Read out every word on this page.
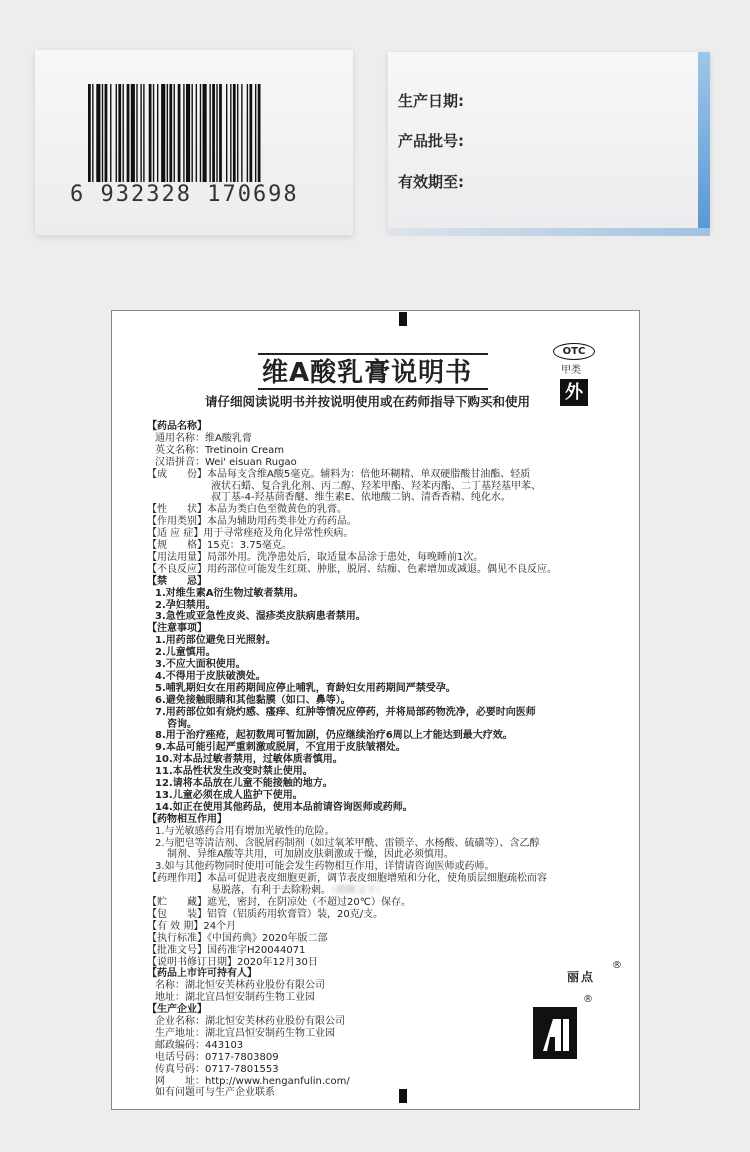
6 932328 170698
生产日期:
产品批号:
有效期至:
维A酸乳膏说明书
请仔细阅读说明书并按说明使用或在药师指导下购买和使用
OTC
甲类
外
【药品名称】
通用名称：维A酸乳膏
英文名称：Tretinoin Cream
汉语拼音：Wei' eisuan Rugao
【成　　份】本品每支含维A酸5毫克。辅料为：倍他环糊精、单双硬脂酸甘油酯、轻质
液状石蜡、复合乳化剂、丙二醇、羟苯甲酯、羟苯丙酯、二丁基羟基甲苯、
叔丁基-4-羟基茴香醚、维生素E、依地酸二钠、清香香精、纯化水。
【性　　状】本品为类白色至微黄色的乳膏。
【作用类别】本品为辅助用药类非处方药药品。
【适 应 症】用于寻常痤疮及角化异常性疾病。
【规　　格】15克：3.75毫克。
【用法用量】局部外用。洗净患处后，取适量本品涂于患处，每晚睡前1次。
【不良反应】用药部位可能发生红斑、肿胀，脱屑、结痂、色素增加或减退。偶见不良反应。
【禁　　忌】
1.对维生素A衍生物过敏者禁用。
2.孕妇禁用。
3.急性或亚急性皮炎、湿疹类皮肤病患者禁用。
【注意事项】
1.用药部位避免日光照射。
2.儿童慎用。
3.不应大面积使用。
4.不得用于皮肤破溃处。
5.哺乳期妇女在用药期间应停止哺乳，育龄妇女用药期间严禁受孕。
6.避免接触眼睛和其他黏膜（如口、鼻等）。
7.用药部位如有烧灼感、瘙痒、红肿等情况应停药，并将局部药物洗净，必要时向医师
咨询。
8.用于治疗痤疮，起初数周可暂加剧，仍应继续治疗6周以上才能达到最大疗效。
9.本品可能引起严重刺激或脱屑，不宜用于皮肤皱褶处。
10.对本品过敏者禁用，过敏体质者慎用。
11.本品性状发生改变时禁止使用。
12.请将本品放在儿童不能接触的地方。
13.儿童必须在成人监护下使用。
14.如正在使用其他药品，使用本品前请咨询医师或药师。
【药物相互作用】
1.与光敏感药合用有增加光敏性的危险。
2.与肥皂等清洁剂、含脱屑药制剂（如过氧苯甲酰、雷锁辛、水杨酸、硫磺等）、含乙醇
制剂、异维A酸等共用，可加剧皮肤刺激或干燥，因此必须慎用。
3.如与其他药物同时使用可能会发生药物相互作用，详情请咨询医师或药师。
【药理作用】本品可促进表皮细胞更新，调节表皮细胞增殖和分化，使角质层细胞疏松而容
易脱落，有利于去除粉刺。（模糊文字）
【贮　　藏】遮光，密封，在阴凉处（不超过20℃）保存。
【包　　装】铝管（铝质药用软膏管）装，20克/支。
【有 效 期】24个月
【执行标准】《中国药典》2020年版二部
【批准文号】国药准字H20044071
【说明书修订日期】2020年12月30日
【药品上市许可持有人】
名称：湖北恒安芙林药业股份有限公司
地址：湖北宜昌恒安制药生物工业园
【生产企业】
企业名称：湖北恒安芙林药业股份有限公司
生产地址：湖北宜昌恒安制药生物工业园
邮政编码：443103
电话号码：0717-7803809
传真号码：0717-7801553
网　　址：http://www.henganfulin.com/
如有问题可与生产企业联系
丽点
®
®
